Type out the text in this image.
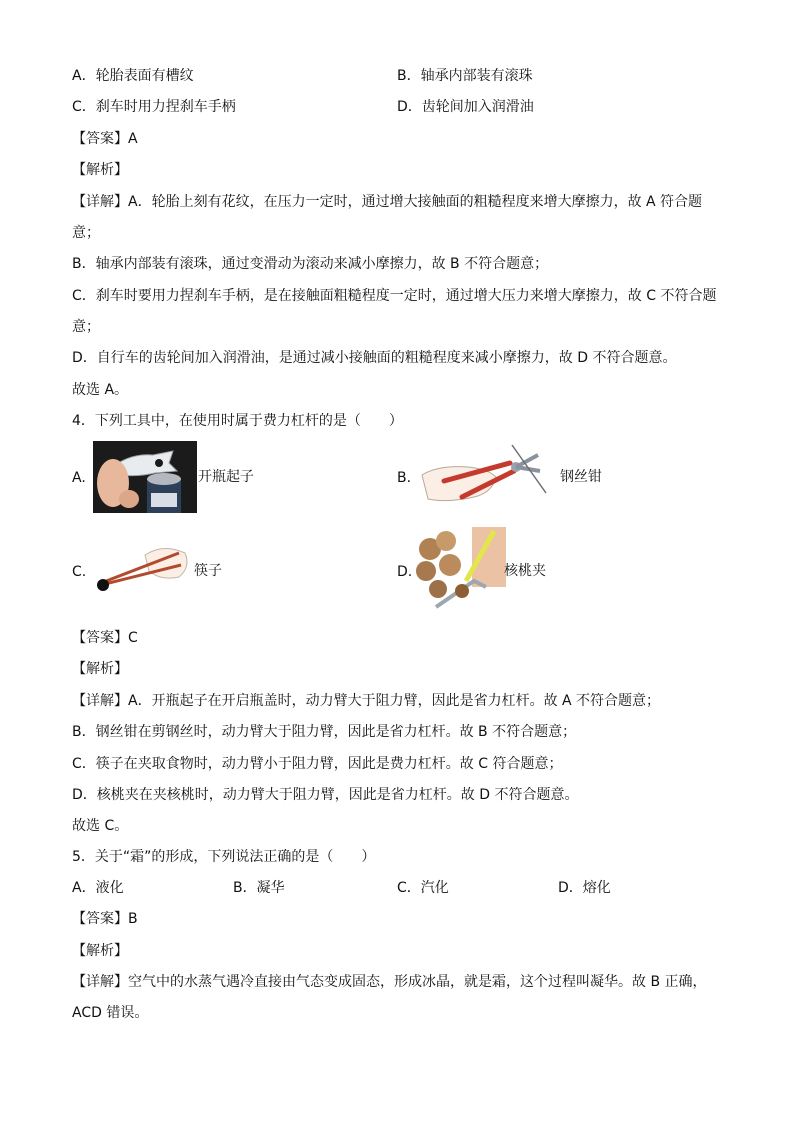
A．轮胎表面有槽纹	B．轴承内部装有滚珠
C．刹车时用力捏刹车手柄	D．齿轮间加入润滑油
【答案】A
【解析】
【详解】A．轮胎上刻有花纹，在压力一定时，通过增大接触面的粗糙程度来增大摩擦力，故 A 符合题
意；
B．轴承内部装有滚珠，通过变滑动为滚动来减小摩擦力，故 B 不符合题意；
C．刹车时要用力捏刹车手柄，是在接触面粗糙程度一定时，通过增大压力来增大摩擦力，故 C 不符合题
意；
D．自行车的齿轮间加入润滑油，是通过减小接触面的粗糙程度来减小摩擦力，故 D 不符合题意。
故选 A。
4．下列工具中，在使用时属于费力杠杆的是（　　）
A.	开瓶起子	B.	钢丝钳
C.	筷子	D.	核桃夹
【答案】C
【解析】
【详解】A．开瓶起子在开启瓶盖时，动力臂大于阻力臂，因此是省力杠杆。故 A 不符合题意；
B．钢丝钳在剪钢丝时，动力臂大于阻力臂，因此是省力杠杆。故 B 不符合题意；
C．筷子在夹取食物时，动力臂小于阻力臂，因此是费力杠杆。故 C 符合题意；
D．核桃夹在夹核桃时，动力臂大于阻力臂，因此是省力杠杆。故 D 不符合题意。
故选 C。
5．关于“霜”的形成，下列说法正确的是（　　）
A．液化	B．凝华	C．汽化	D．熔化
【答案】B
【解析】
【详解】空气中的水蒸气遇冷直接由气态变成固态，形成冰晶，就是霜，这个过程叫凝华。故 B 正确，
ACD 错误。
